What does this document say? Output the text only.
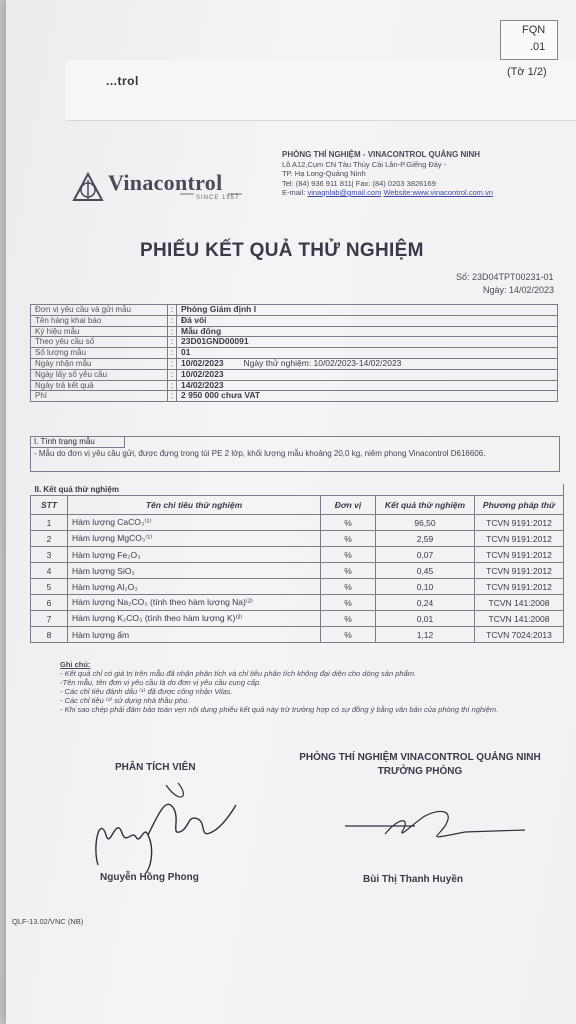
...trol
FQN
.01
(Tờ 1/2)
Vinacontrol
SINCE 1957
PHÒNG THÍ NGHIỆM - VINACONTROL QUẢNG NINH
Lô A12,Cụm CN Tàu Thủy Cái Lân-P.Giếng Đáy -
TP. Hạ Long-Quảng Ninh
Tel: (84) 936 911 811| Fax: (84) 0203 3826169
E-mail: vinaqnlab@gmail.com Website:www.vinacontrol.com.vn
PHIẾU KẾT QUẢ THỬ NGHIỆM
Số: 23D04TPT00231-01
Ngày: 14/02/2023
Đơn vị yêu cầu và gửi mẫu	:	Phòng Giám định I
Tên hàng khai báo	:	Đá vôi
Ký hiệu mẫu	:	Mẫu đống
Theo yêu cầu số	:	23D01GND00091
Số lượng mẫu	:	01
Ngày nhận mẫu	:	10/02/2023 Ngày thử nghiệm: 10/02/2023-14/02/2023
Ngày lấy số yêu cầu	:	10/02/2023
Ngày trả kết quả	:	14/02/2023
Phí	:	2 950 000 chưa VAT
I. Tình trạng mẫu
- Mẫu do đơn vị yêu cầu gửi, được đựng trong túi PE 2 lớp, khối lượng mẫu khoảng 20,0 kg, niêm phong Vinacontrol D616606.
II. Kết quả thử nghiệm				
STT	Tên chỉ tiêu thử nghiệm	Đơn vị	Kết quả thử nghiệm	Phương pháp thử
1	Hàm lượng CaCO₃⁽¹⁾	%	96,50	TCVN 9191:2012
2	Hàm lượng MgCO₃⁽¹⁾	%	2,59	TCVN 9191:2012
3	Hàm lượng Fe₂O₃	%	0,07	TCVN 9191:2012
4	Hàm lượng SiO₂	%	0,45	TCVN 9191:2012
5	Hàm lượng Al₂O₃	%	0,10	TCVN 9191:2012
6	Hàm lượng Na₂CO₃ (tính theo hàm lượng Na)⁽²⁾	%	0,24	TCVN 141:2008
7	Hàm lượng K₂CO₃ (tính theo hàm lượng K)⁽²⁾	%	0,01	TCVN 141:2008
8	Hàm lượng ẩm	%	1,12	TCVN 7024:2013
Ghi chú:
- Kết quả chỉ có giá trị trên mẫu đã nhận phân tích và chỉ tiêu phân tích không đại diện cho dòng sản phẩm.
-Tên mẫu, tên đơn vị yêu cầu là do đơn vị yêu cầu cung cấp.
- Các chỉ tiêu đánh dấu ⁽¹⁾ đã được công nhận Vilas.
- Các chỉ tiêu ⁽²⁾ sử dụng nhà thầu phụ.
- Khi sao chép phải đảm bảo toàn vẹn nội dung phiếu kết quả này trừ trường hợp có sự đồng ý bằng văn bản của phòng thí nghiệm.
PHÂN TÍCH VIÊN
PHÒNG THÍ NGHIỆM VINACONTROL QUẢNG NINH
TRƯỞNG PHÒNG
Nguyễn Hồng Phong	Bùi Thị Thanh Huyền
QLF-13.02/VNC (NB)
